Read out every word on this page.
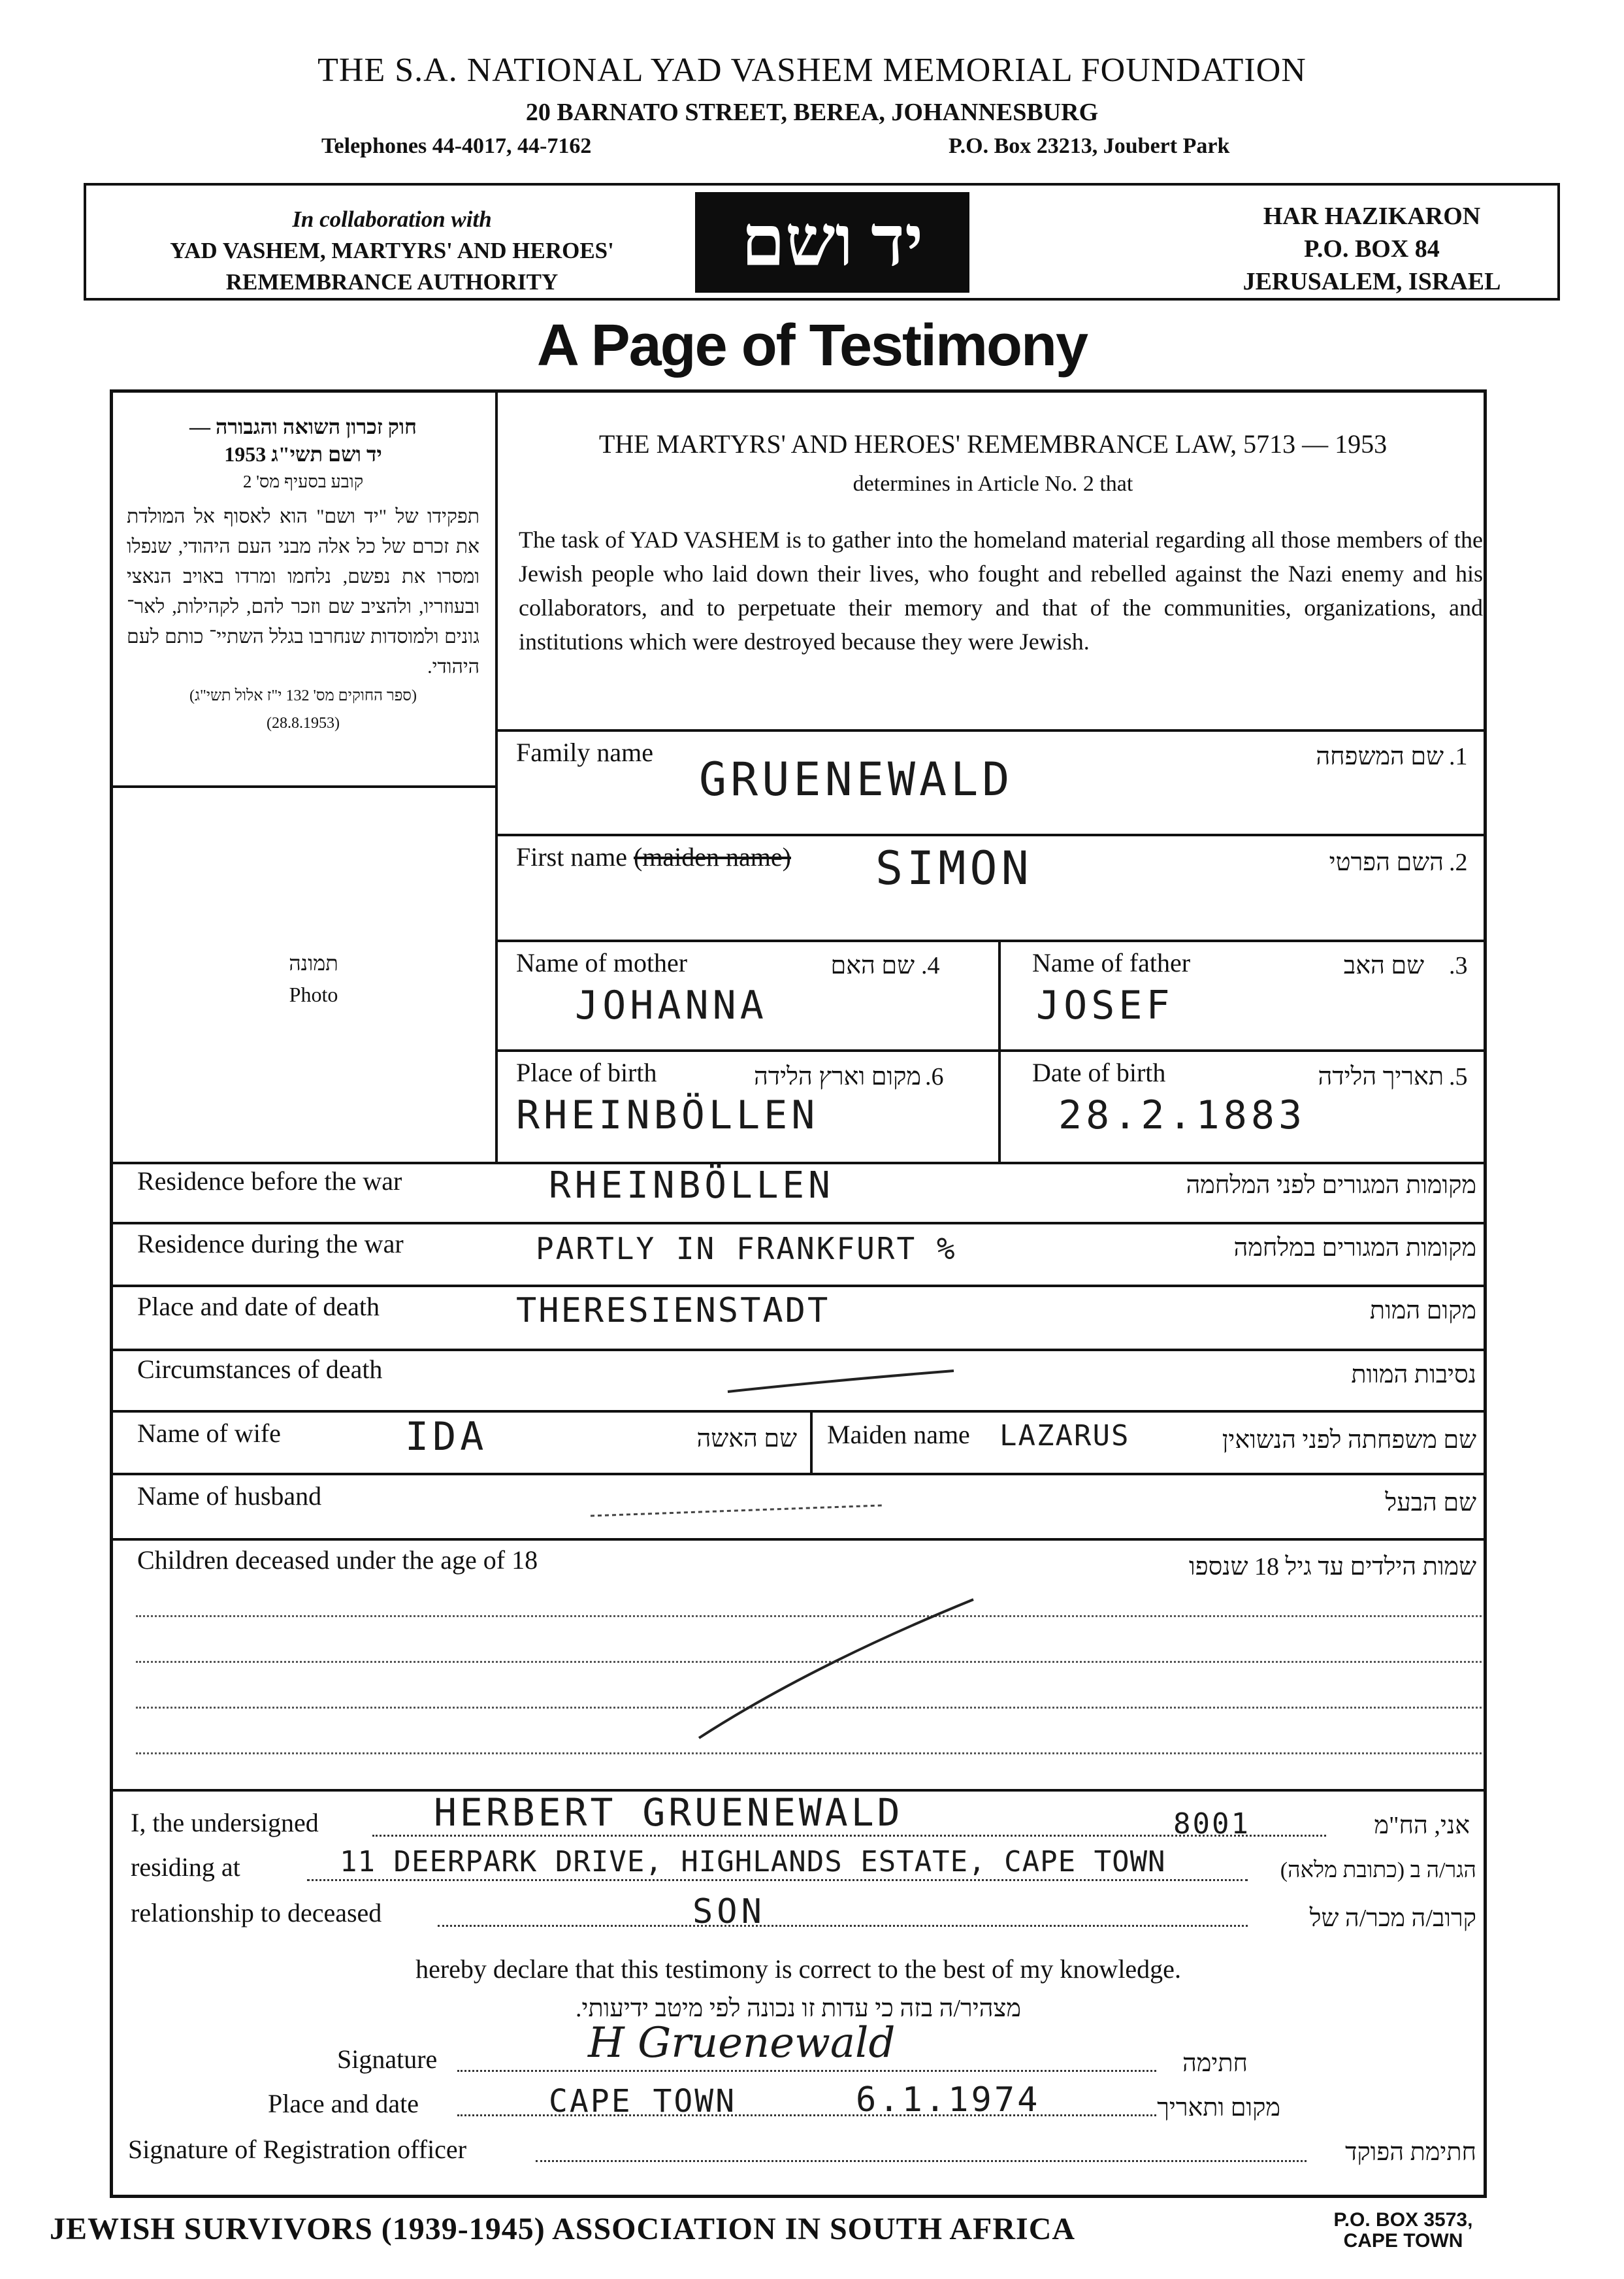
THE S.A. NATIONAL YAD VASHEM MEMORIAL FOUNDATION
20 BARNATO STREET, BEREA, JOHANNESBURG
Telephones 44-4017, 44-7162	P.O. Box 23213, Joubert Park
In collaboration with
YAD VASHEM, MARTYRS' AND HEROES'
REMEMBRANCE AUTHORITY
יד ושם	HAR HAZIKARON
P.O. BOX 84
JERUSALEM, ISRAEL
A Page of Testimony
חוק זכרון השואה והגבורה —
יד ושם תשי"ג 1953
קובע בסעיף מס' 2
תפקידו של "יד ושם" הוא לאסוף אל המולדת את זכרם של כל אלה מבני העם היהודי, שנפלו ומסרו את נפשם, נלחמו ומרדו באויב הנאצי ובעוזריו, ולהציב שם וזכר להם, לקהילות, לאר־ גונים ולמוסדות שנחרבו בגלל השתיי־ כותם לעם היהודי.
(ספר החוקים מס' 132 י"ז אלול תשי"ג)
(28.8.1953)
THE MARTYRS' AND HEROES' REMEMBRANCE LAW, 5713 — 1953
determines in Article No. 2 that
The task of YAD VASHEM is to gather into the homeland material regarding all those members of the Jewish people who laid down their lives, who fought and rebelled against the Nazi enemy and his collaborators, and to perpetuate their memory and that of the communities, organizations, and institutions which were destroyed because they were Jewish.
תמונה
Photo
Family name	שם המשפחה .1
GRUENEWALD
First name (maiden name)	השם הפרטי .2
SIMON
Name of mother	שם האם .4
JOHANNA
Name of father	שם האב .3
JOSEF
Place of birth	מקום וארץ הלידה .6
RHEINBÖLLEN
Date of birth	תאריך הלידה .5
28.2.1883
Residence before the war	מקומות המגורים לפני המלחמה
RHEINBÖLLEN
Residence during the war	מקומות המגורים במלחמה
PARTLY IN FRANKFURT %
Place and date of death	מקום המות
THERESIENSTADT
Circumstances of death	נסיבות המוות
Name of wife	IDA	שם האשה Maiden name LAZARUS	שם משפחתה לפני הנשואין
Name of husband	שם הבעל
Children deceased under the age of 18	שמות הילדים עד גיל 18 שנספו
I, the undersigned	HERBERT GRUENEWALD	8001	אני, הח"מ
residing at	11 DEERPARK DRIVE, HIGHLANDS ESTATE, CAPE TOWN	הגר/ה ב (כתובת מלאה)
relationship to deceased	SON	קרוב/ה מכר/ה של
hereby declare that this testimony is correct to the best of my knowledge.
מצהיר/ה בזה כי עדות זו נכונה לפי מיטב ידיעותי.
Signature	H Gruenewald	חתימה
Place and date	CAPE TOWN	6.1.1974	מקום ותאריך
Signature of Registration officer	חתימת הפוקד
JEWISH SURVIVORS (1939-1945) ASSOCIATION IN SOUTH AFRICA	P.O. BOX 3573,
CAPE TOWN
